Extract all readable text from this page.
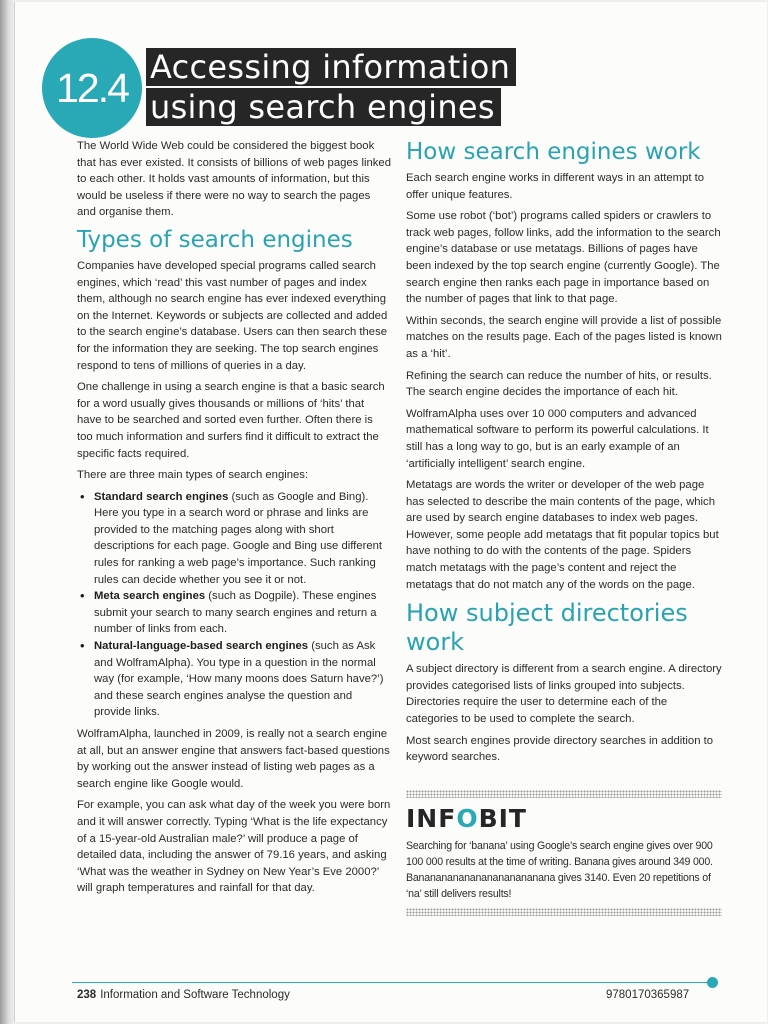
12.4 Accessing information
using search engines

The World Wide Web could be considered the biggest book that has ever existed. It consists of billions of web pages linked to each other. It holds vast amounts of information, but this would be useless if there were no way to search the pages and organise them.

Types of search engines

Companies have developed special programs called search engines, which ‘read’ this vast number of pages and index them, although no search engine has ever indexed everything on the Internet. Keywords or subjects are collected and added to the search engine’s database. Users can then search these for the information they are seeking. The top search engines respond to tens of millions of queries in a day.

One challenge in using a search engine is that a basic search for a word usually gives thousands or millions of ‘hits’ that have to be searched and sorted even further. Often there is too much information and surfers find it difficult to extract the specific facts required.

There are three main types of search engines:

• Standard search engines (such as Google and Bing). Here you type in a search word or phrase and links are provided to the matching pages along with short descriptions for each page. Google and Bing use different rules for ranking a web page’s importance. Such ranking rules can decide whether you see it or not.
• Meta search engines (such as Dogpile). These engines submit your search to many search engines and return a number of links from each.
• Natural-language-based search engines (such as Ask and WolframAlpha). You type in a question in the normal way (for example, ‘How many moons does Saturn have?’) and these search engines analyse the question and provide links.

WolframAlpha, launched in 2009, is really not a search engine at all, but an answer engine that answers fact-based questions by working out the answer instead of listing web pages as a search engine like Google would.

For example, you can ask what day of the week you were born and it will answer correctly. Typing ‘What is the life expectancy of a 15-year-old Australian male?’ will produce a page of detailed data, including the answer of 79.16 years, and asking ‘What was the weather in Sydney on New Year’s Eve 2000?’ will graph temperatures and rainfall for that day.

How search engines work

Each search engine works in different ways in an attempt to offer unique features.

Some use robot (‘bot’) programs called spiders or crawlers to track web pages, follow links, add the information to the search engine’s database or use metatags. Billions of pages have been indexed by the top search engine (currently Google). The search engine then ranks each page in importance based on the number of pages that link to that page.

Within seconds, the search engine will provide a list of possible matches on the results page. Each of the pages listed is known as a ‘hit’.

Refining the search can reduce the number of hits, or results. The search engine decides the importance of each hit.

WolframAlpha uses over 10 000 computers and advanced mathematical software to perform its powerful calculations. It still has a long way to go, but is an early example of an ‘artificially intelligent’ search engine.

Metatags are words the writer or developer of the web page has selected to describe the main contents of the page, which are used by search engine databases to index web pages. However, some people add metatags that fit popular topics but have nothing to do with the contents of the page. Spiders match metatags with the page’s content and reject the metatags that do not match any of the words on the page.

How subject directories work

A subject directory is different from a search engine. A directory provides categorised lists of links grouped into subjects. Directories require the user to determine each of the categories to be used to complete the search.

Most search engines provide directory searches in addition to keyword searches.

INFOBIT

Searching for ‘banana’ using Google’s search engine gives over 900 100 000 results at the time of writing. Banana gives around 349 000. Banananananananananananana gives 3140. Even 20 repetitions of ‘na’ still delivers results!

238 Information and Software Technology	9780170365987
